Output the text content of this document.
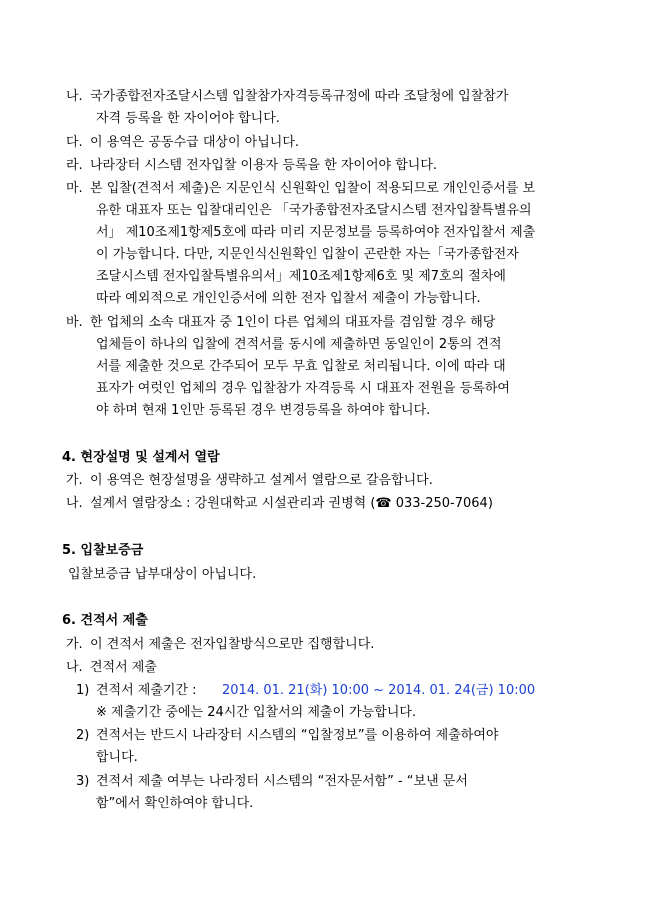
나. 국가종합전자조달시스템 입찰참가자격등록규정에 따라 조달청에 입찰참가
자격 등록을 한 자이어야 합니다.
다. 이 용역은 공동수급 대상이 아닙니다.
라. 나라장터 시스템 전자입찰 이용자 등록을 한 자이어야 합니다.
마. 본 입찰(견적서 제출)은 지문인식 신원확인 입찰이 적용되므로 개인인증서를 보
유한 대표자 또는 입찰대리인은 「국가종합전자조달시스템 전자입찰특별유의
서」 제10조제1항제5호에 따라 미리 지문정보를 등록하여야 전자입찰서 제출
이 가능합니다. 다만, 지문인식신원확인 입찰이 곤란한 자는「국가종합전자
조달시스템 전자입찰특별유의서」제10조제1항제6호 및 제7호의 절차에
따라 예외적으로 개인인증서에 의한 전자 입찰서 제출이 가능합니다.
바. 한 업체의 소속 대표자 중 1인이 다른 업체의 대표자를 겸임할 경우 해당
업체들이 하나의 입찰에 견적서를 동시에 제출하면 동일인이 2통의 견적
서를 제출한 것으로 간주되어 모두 무효 입찰로 처리됩니다. 이에 따라 대
표자가 여럿인 업체의 경우 입찰참가 자격등록 시 대표자 전원을 등록하여
야 하며 현재 1인만 등록된 경우 변경등록을 하여야 합니다.
4. 현장설명 및 설계서 열람
가. 이 용역은 현장설명을 생략하고 설계서 열람으로 갈음합니다.
나. 설계서 열람장소 : 강원대학교 시설관리과 권병혁 (☎ 033-250-7064)
5. 입찰보증금
입찰보증금 납부대상이 아닙니다.
6. 견적서 제출
가. 이 견적서 제출은 전자입찰방식으로만 집행합니다.
나. 견적서 제출
1) 견적서 제출기간 : 2014. 01. 21(화) 10:00 ~ 2014. 01. 24(금) 10:00
※ 제출기간 중에는 24시간 입찰서의 제출이 가능합니다.
2) 견적서는 반드시 나라장터 시스템의 “입찰정보”를 이용하여 제출하여야
합니다.
3) 견적서 제출 여부는 나라정터 시스템의 “전자문서함” - “보낸 문서
함”에서 확인하여야 합니다.
